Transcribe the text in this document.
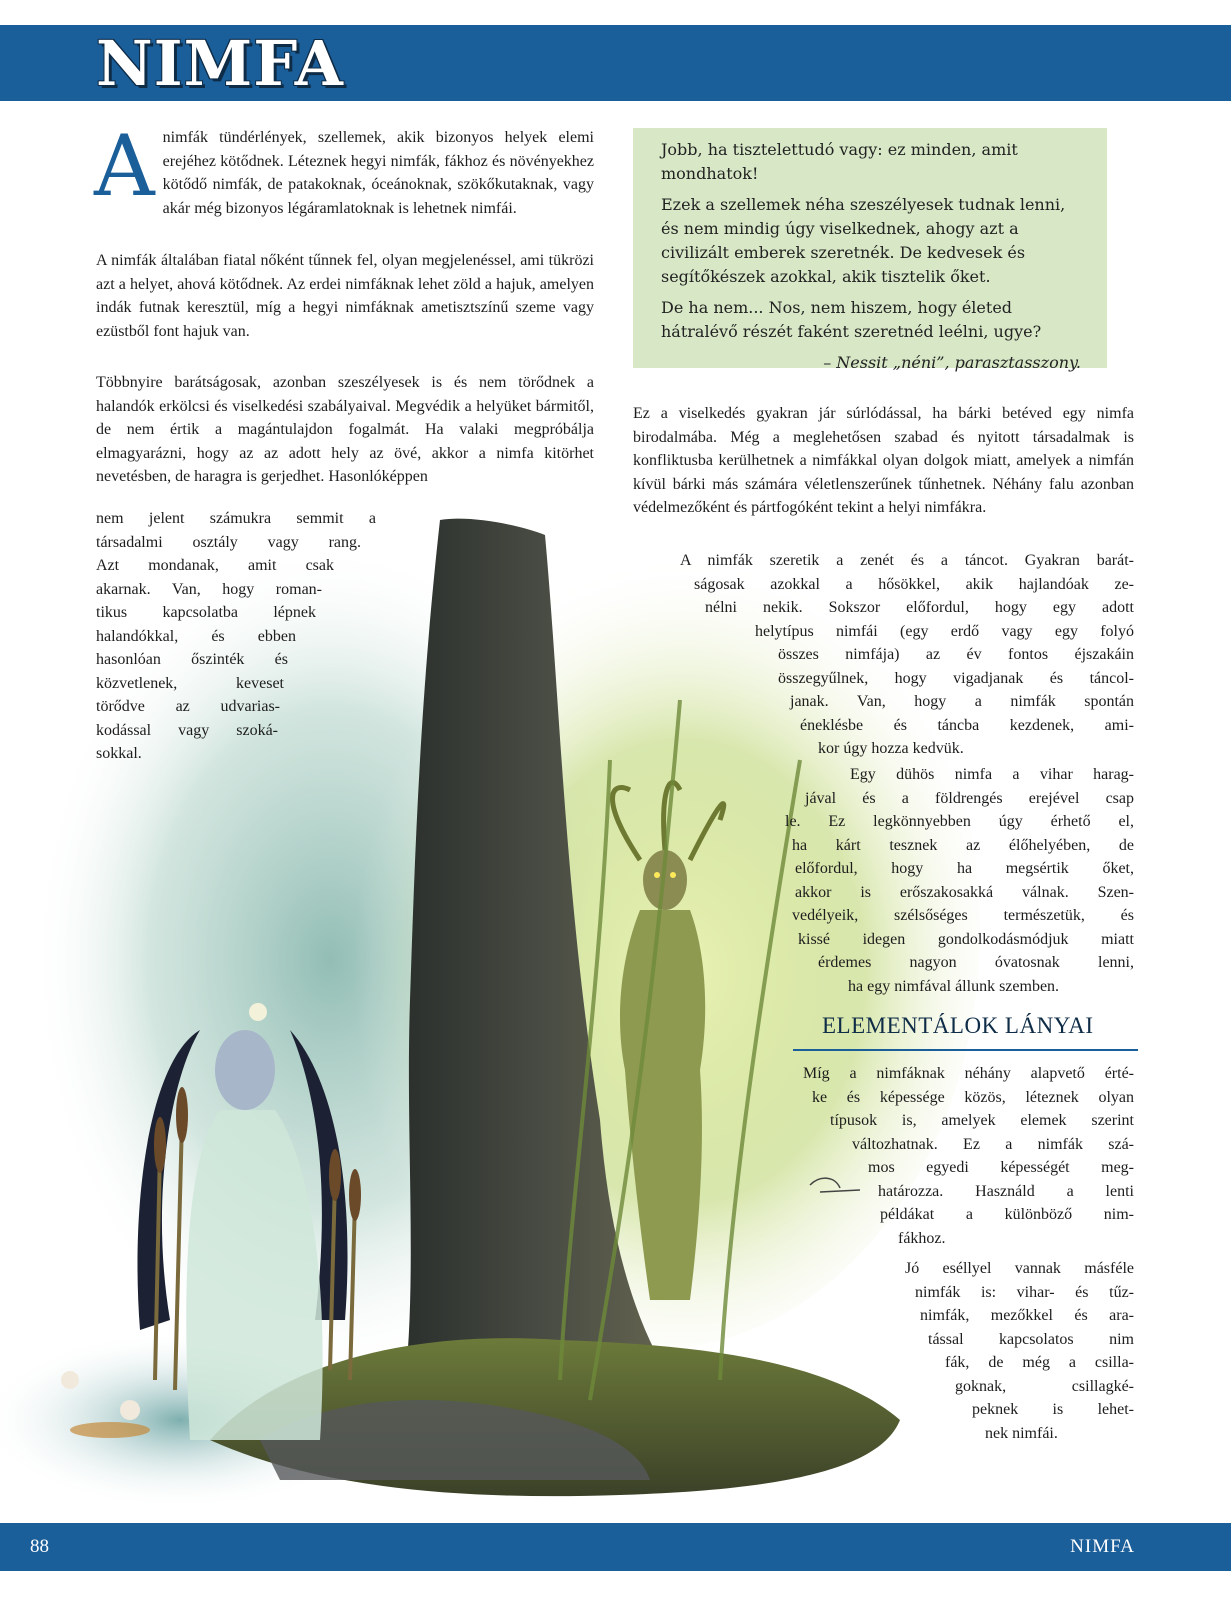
NIMFA
Animfák tündérlények, szellemek, akik bizonyos helyek elemi erejéhez kötődnek. Léteznek hegyi nimfák, fákhoz és növényekhez kötődő nimfák, de patakoknak, óceánoknak, szökőkutaknak, vagy akár még bizonyos légáramlatoknak is lehetnek nimfái.

A nimfák általában fiatal nőként tűnnek fel, olyan megjelenéssel, ami tükrözi azt a helyet, ahová kötődnek. Az erdei nimfáknak lehet zöld a hajuk, amelyen indák futnak keresztül, míg a hegyi nimfáknak ametisztszínű szeme vagy ezüstből font hajuk van.

Többnyire barátságosak, azonban szeszélyesek is és nem törődnek a halandók erkölcsi és viselkedési szabályaival. Megvédik a helyüket bármitől, de nem értik a magántulajdon fogalmát. Ha valaki megpróbálja elmagyarázni, hogy az az adott hely az övé, akkor a nimfa kitörhet nevetésben, de haragra is gerjedhet. Hasonlóképpen

nem jelent számukra semmit a
társadalmi osztály vagy rang.
Azt mondanak, amit csak
akarnak. Van, hogy roman-
tikus kapcsolatba lépnek
halandókkal, és ebben
hasonlóan őszinték és
közvetlenek, keveset
törődve az udvarias-
kodással vagy szoká-
sokkal.

Jobb, ha tisztelettudó vagy: ez minden, amit mondhatok!

Ezek a szellemek néha szeszélyesek tudnak lenni, és nem mindig úgy viselkednek, ahogy azt a civilizált emberek szeretnék. De kedvesek és segítőkészek azokkal, akik tisztelik őket.

De ha nem... Nos, nem hiszem, hogy életed hátralévő részét faként szeretnéd leélni, ugye?

– Nessit „néni”, parasztasszony.

Ez a viselkedés gyakran jár súrlódással, ha bárki betéved egy nimfa birodalmába. Még a meglehetősen szabad és nyitott társadalmak is konfliktusba kerülhetnek a nimfákkal olyan dolgok miatt, amelyek a nimfán kívül bárki más számára véletlenszerűnek tűnhetnek. Néhány falu azonban védelmezőként és pártfogóként tekint a helyi nimfákra.

A nimfák szeretik a zenét és a táncot. Gyakran barát-
ságosak azokkal a hősökkel, akik hajlandóak ze-
nélni nekik. Sokszor előfordul, hogy egy adott
helytípus nimfái (egy erdő vagy egy folyó
összes nimfája) az év fontos éjszakáin
összegyűlnek, hogy vigadjanak és táncol-
janak. Van, hogy a nimfák spontán
éneklésbe és táncba kezdenek, ami-
kor úgy hozza kedvük.
Egy dühös nimfa a vihar harag-
jával és a földrengés erejével csap
le. Ez legkönnyebben úgy érhető el,
ha kárt tesznek az élőhelyében, de
előfordul, hogy ha megsértik őket,
akkor is erőszakosakká válnak. Szen-
vedélyeik, szélsőséges természetük, és
kissé idegen gondolkodásmódjuk miatt
érdemes nagyon óvatosnak lenni,
ha egy nimfával állunk szemben.
ELEMENTÁLOK LÁNYAI
Míg a nimfáknak néhány alapvető érté-
ke és képessége közös, léteznek olyan
típusok is, amelyek elemek szerint
változhatnak. Ez a nimfák szá-
mos egyedi képességét meg-
határozza. Használd a lenti
példákat a különböző nim-
fákhoz.
Jó eséllyel vannak másféle
nimfák is: vihar- és tűz-
nimfák, mezőkkel és ara-
tással kapcsolatos nim
fák, de még a csilla-
goknak, csillagké-
peknek is lehet-
nek nimfái.
88	NIMFA
